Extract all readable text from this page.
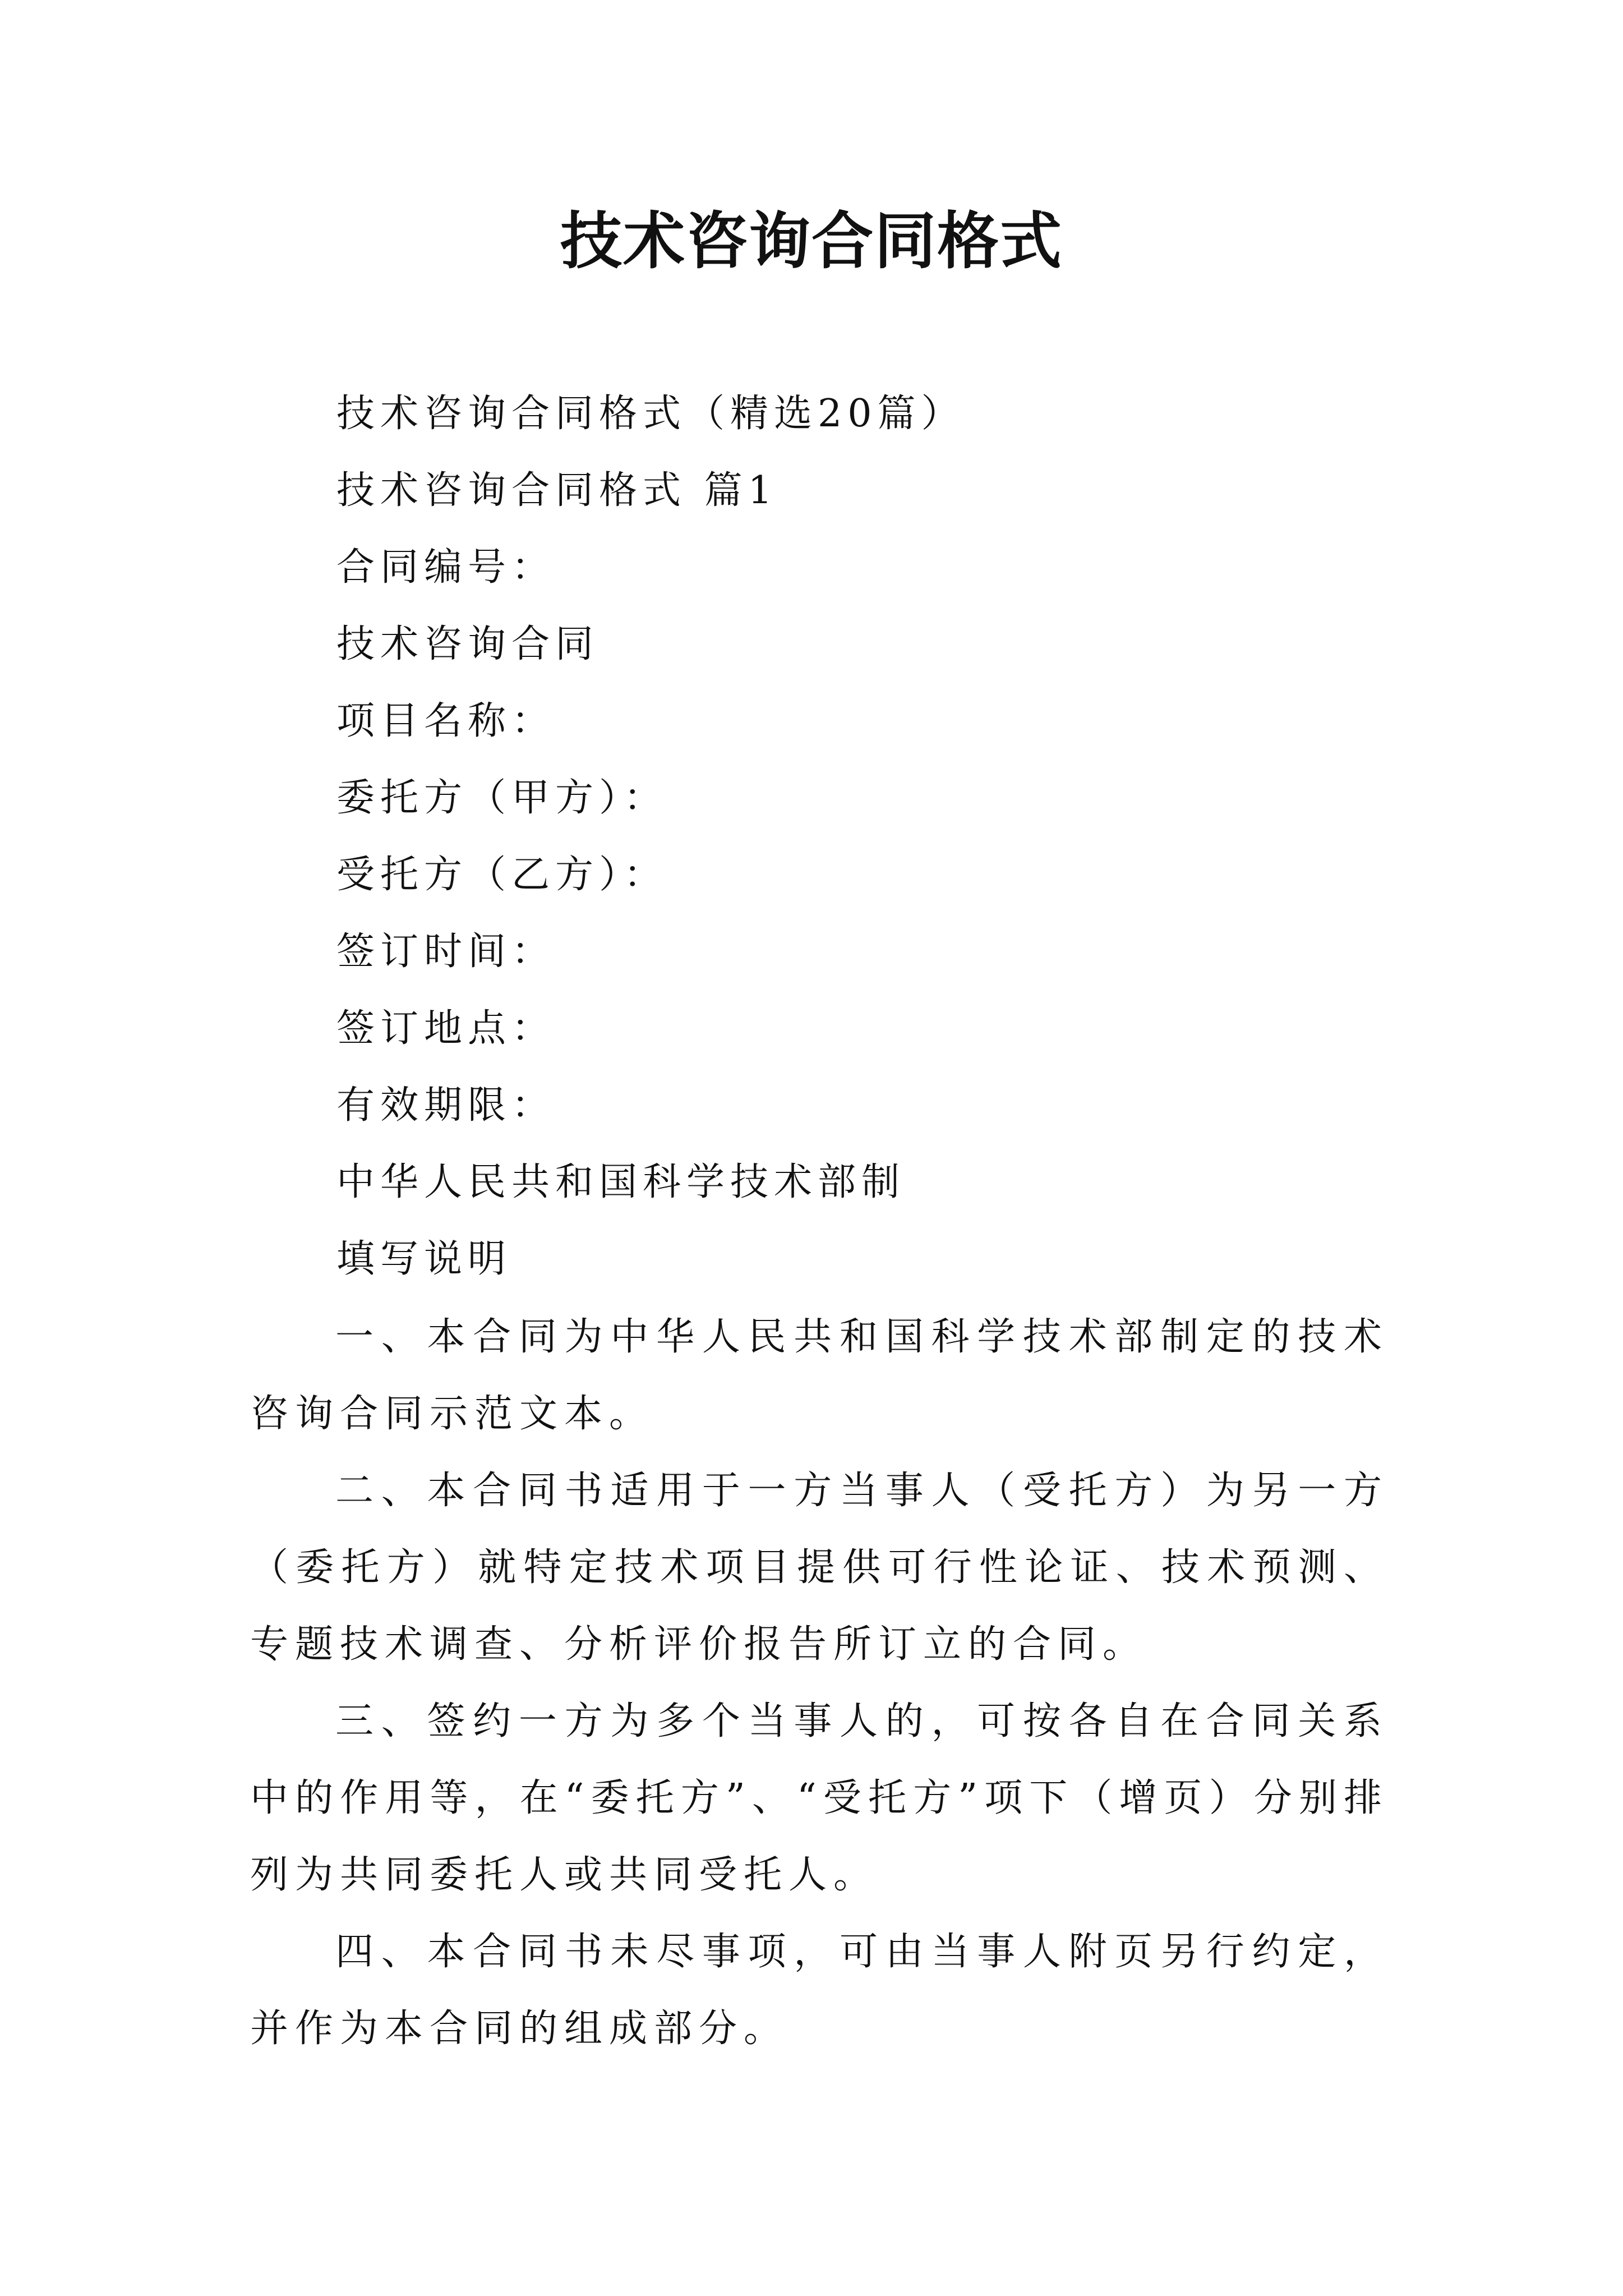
技术咨询合同格式
技术咨询合同格式（精选20篇）
技术咨询合同格式 篇1
合同编号：
技术咨询合同
项目名称：
委托方（甲方）：
受托方（乙方）：
签订时间：
签订地点：
有效期限：
中华人民共和国科学技术部制
填写说明
一、本合同为中华人民共和国科学技术部制定的技术咨询合同示范文本。
二、本合同书适用于一方当事人（受托方）为另一方（委托方）就特定技术项目提供可行性论证、技术预测、专题技术调查、分析评价报告所订立的合同。
三、签约一方为多个当事人的，可按各自在合同关系中的作用等，在“委托方”、“受托方”项下（增页）分别排列为共同委托人或共同受托人。
四、本合同书未尽事项，可由当事人附页另行约定，并作为本合同的组成部分。
